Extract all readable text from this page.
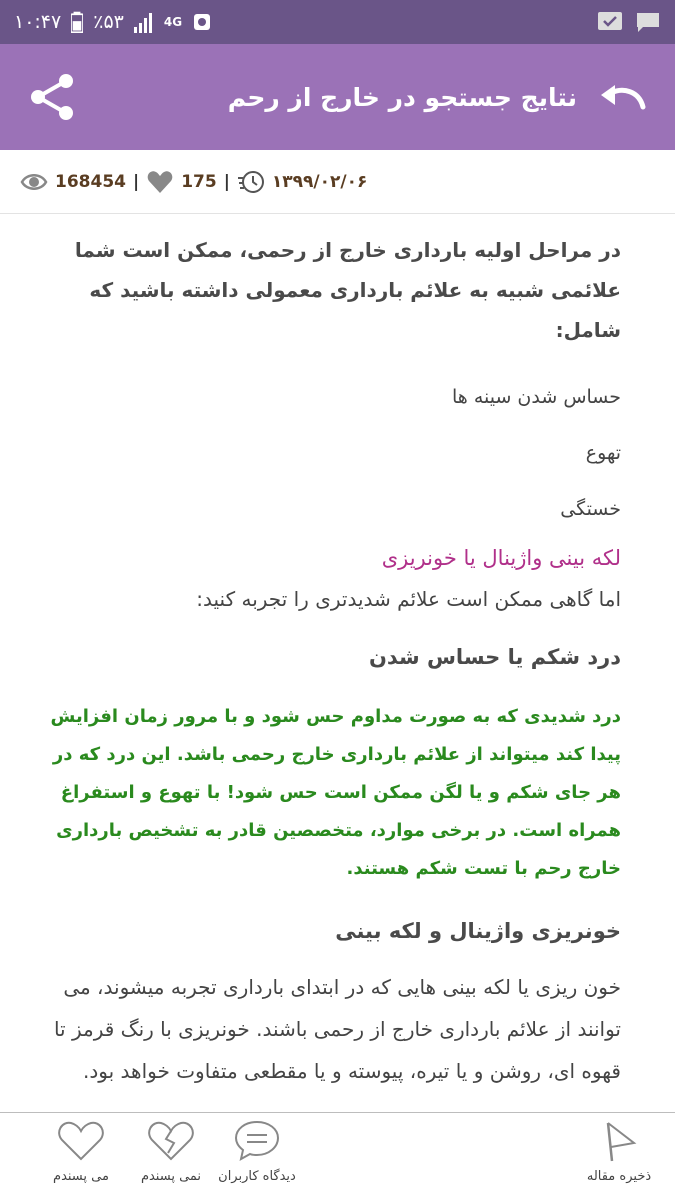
۱۰:۴۷ ٪۵۳	4G
نتایج جستجو در خارج از رحم
168454 | 175 | ۱۳۹۹/۰۲/۰۶

در مراحل اولیه بارداری خارج از رحمی، ممکن است شما علائمی شبیه به علائم بارداری معمولی داشته باشید که شامل:

حساس شدن سینه ها

تهوع

خستگی

لکه بینی واژینال یا خونریزی

اما گاهی ممکن است علائم شدیدتری را تجربه کنید:

درد شکم یا حساس شدن

درد شدیدی که به صورت مداوم حس شود و با مرور زمان افزایش پیدا کند میتواند از علائم بارداری خارج رحمی باشد. این درد که در هر جای شکم و یا لگن ممکن است حس شود! با تهوع و استفراغ همراه است. در برخی موارد، متخصصین قادر به تشخیص بارداری خارج رحم با تست شکم هستند.

خونریزی واژینال و لکه بینی

خون ریزی یا لکه بینی هایی که در ابتدای بارداری تجربه میشوند، می توانند از علائم بارداری خارج از رحمی باشند. خونریزی با رنگ قرمز تا قهوه ای، روشن و یا تیره، پیوسته و یا مقطعی متفاوت خواهد بود.

می پسندم	نمی پسندم	دیدگاه کاربران	ذخیره مقاله
